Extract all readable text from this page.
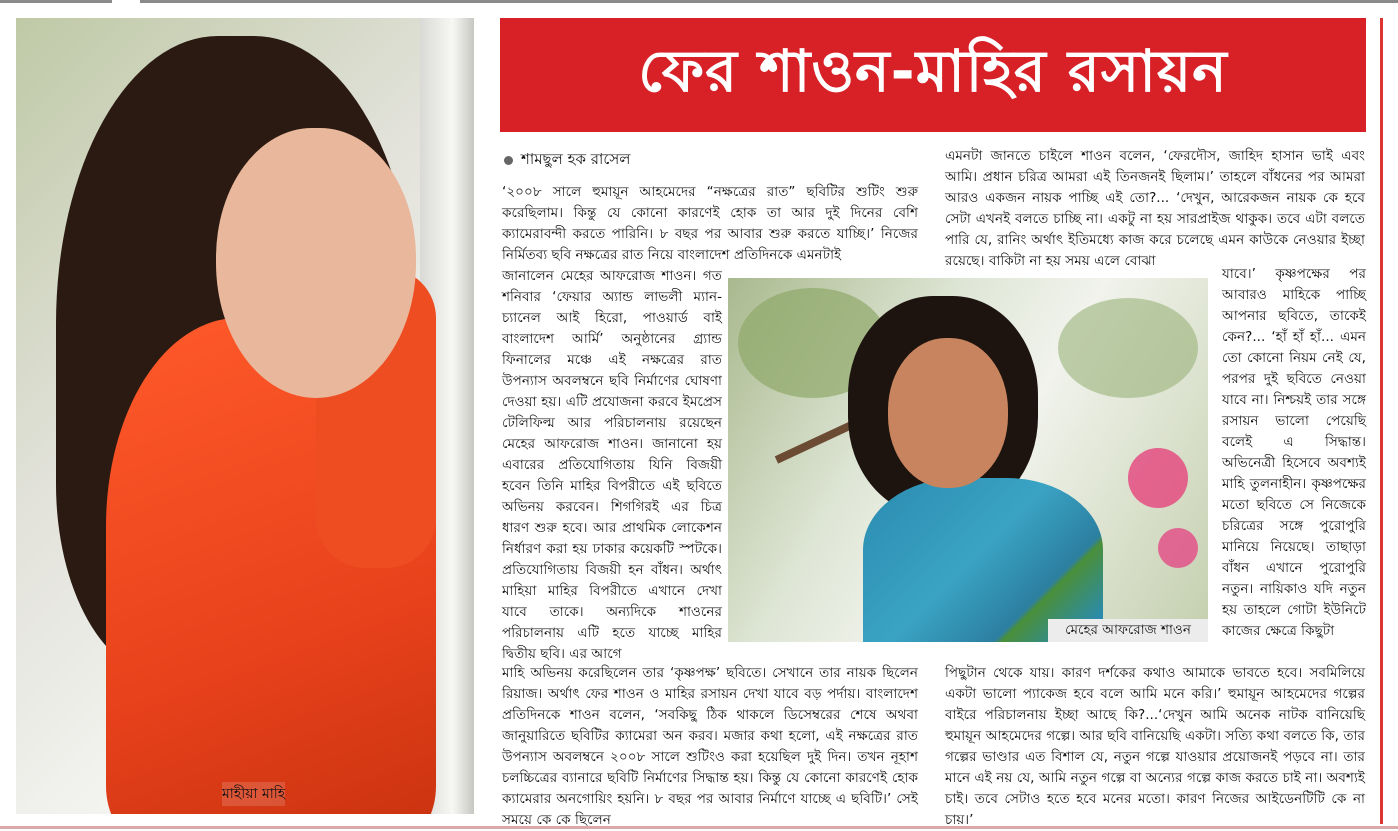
মাহীয়া মাহি
ফের শাওন-মাহির রসায়ন
শামছুল হক রাসেল
‘২০০৮ সালে হুমায়ূন আহমেদের “নক্ষত্রের রাত” ছবিটির শুটিং শুরু করেছিলাম। কিন্তু যে কোনো কারণেই হোক তা আর দুই দিনের বেশি ক্যামেরাবন্দী করতে পারিনি। ৮ বছর পর আবার শুরু করতে যাচ্ছি।’ নিজের নির্মিতব্য ছবি নক্ষত্রের রাত নিয়ে বাংলাদেশ প্রতিদিনকে এমনটাই
জানালেন মেহের আফরোজ শাওন। গত শনিবার ‘ফেয়ার অ্যান্ড লাভলী ম্যান-চ্যানেল আই হিরো, পাওয়ার্ড বাই বাংলাদেশ আর্মি’ অনুষ্ঠানের গ্র্যান্ড ফিনালের মঞ্চে এই নক্ষত্রের রাত উপন্যাস অবলম্বনে ছবি নির্মাণের ঘোষণা দেওয়া হয়। এটি প্রযোজনা করবে ইমপ্রেস টেলিফিল্ম আর পরিচালনায় রয়েছেন মেহের আফরোজ শাওন। জানানো হয় এবারের প্রতিযোগিতায় যিনি বিজয়ী হবেন তিনি মাহির বিপরীতে এই ছবিতে অভিনয় করবেন। শিগগিরই এর চিত্র ধারণ শুরু হবে। আর প্রাথমিক লোকেশন নির্ধারণ করা হয় ঢাকার কয়েকটি স্পটকে। প্রতিযোগিতায় বিজয়ী হন বাঁধন। অর্থাৎ মাহিয়া মাহির বিপরীতে এখানে দেখা যাবে তাকে। অন্যদিকে শাওনের পরিচালনায় এটি হতে যাচ্ছে মাহির দ্বিতীয় ছবি। এর আগে
মাহি অভিনয় করেছিলেন তার ‘কৃষ্ণপক্ষ’ ছবিতে। সেখানে তার নায়ক ছিলেন রিয়াজ। অর্থাৎ ফের শাওন ও মাহির রসায়ন দেখা যাবে বড় পর্দায়। বাংলাদেশ প্রতিদিনকে শাওন বলেন, ‘সবকিছু ঠিক থাকলে ডিসেম্বরের শেষে অথবা জানুয়ারিতে ছবিটির ক্যামেরা অন করব। মজার কথা হলো, এই নক্ষত্রের রাত উপন্যাস অবলম্বনে ২০০৮ সালে শুটিংও করা হয়েছিল দুই দিন। তখন নূহাশ চলচ্চিত্রের ব্যানারে ছবিটি নির্মাণের সিদ্ধান্ত হয়। কিন্তু যে কোনো কারণেই হোক ক্যামেরার অনগোয়িং হয়নি। ৮ বছর পর আবার নির্মাণে যাচ্ছে এ ছবিটি।’ সেই সময়ে কে কে ছিলেন
এমনটা জানতে চাইলে শাওন বলেন, ‘ফেরদৌস, জাহিদ হাসান ভাই এবং আমি। প্রধান চরিত্র আমরা এই তিনজনই ছিলাম।’ তাহলে বাঁধনের পর আমরা আরও একজন নায়ক পাচ্ছি এই তো?... ‘দেখুন, আরেকজন নায়ক কে হবে সেটা এখনই বলতে চাচ্ছি না। একটু না হয় সারপ্রাইজ থাকুক। তবে এটা বলতে পারি যে, রানিং অর্থাৎ ইতিমধ্যে কাজ করে চলেছে এমন কাউকে নেওয়ার ইচ্ছা রয়েছে। বাকিটা না হয় সময় এলে বোঝা
যাবে।’ কৃষ্ণপক্ষের পর আবারও মাহিকে পাচ্ছি আপনার ছবিতে, তাকেই কেন?... ‘হাঁ হাঁ হাঁ... এমন তো কোনো নিয়ম নেই যে, পরপর দুই ছবিতে নেওয়া যাবে না। নিশ্চয়ই তার সঙ্গে রসায়ন ভালো পেয়েছি বলেই এ সিদ্ধান্ত। অভিনেত্রী হিসেবে অবশ্যই মাহি তুলনাহীন। কৃষ্ণপক্ষের মতো ছবিতে সে নিজেকে চরিত্রের সঙ্গে পুরোপুরি মানিয়ে নিয়েছে। তাছাড়া বাঁধন এখানে পুরোপুরি নতুন। নায়িকাও যদি নতুন হয় তাহলে গোটা ইউনিটে কাজের ক্ষেত্রে কিছুটা
পিছুটান থেকে যায়। কারণ দর্শকের কথাও আমাকে ভাবতে হবে। সবমিলিয়ে একটা ভালো প্যাকেজ হবে বলে আমি মনে করি।’ হুমায়ূন আহমেদের গল্পের বাইরে পরিচালনায় ইচ্ছা আছে কি?...‘দেখুন আমি অনেক নাটক বানিয়েছি হুমায়ূন আহমেদের গল্পে। আর ছবি বানিয়েছি একটা। সত্যি কথা বলতে কি, তার গল্পের ভাণ্ডার এত বিশাল যে, নতুন গল্পে যাওয়ার প্রয়োজনই পড়বে না। তার মানে এই নয় যে, আমি নতুন গল্পে বা অন্যের গল্পে কাজ করতে চাই না। অবশ্যই চাই। তবে সেটাও হতে হবে মনের মতো। কারণ নিজের আইডেনটিটি কে না চায়।’
মেহের আফরোজ শাওন
